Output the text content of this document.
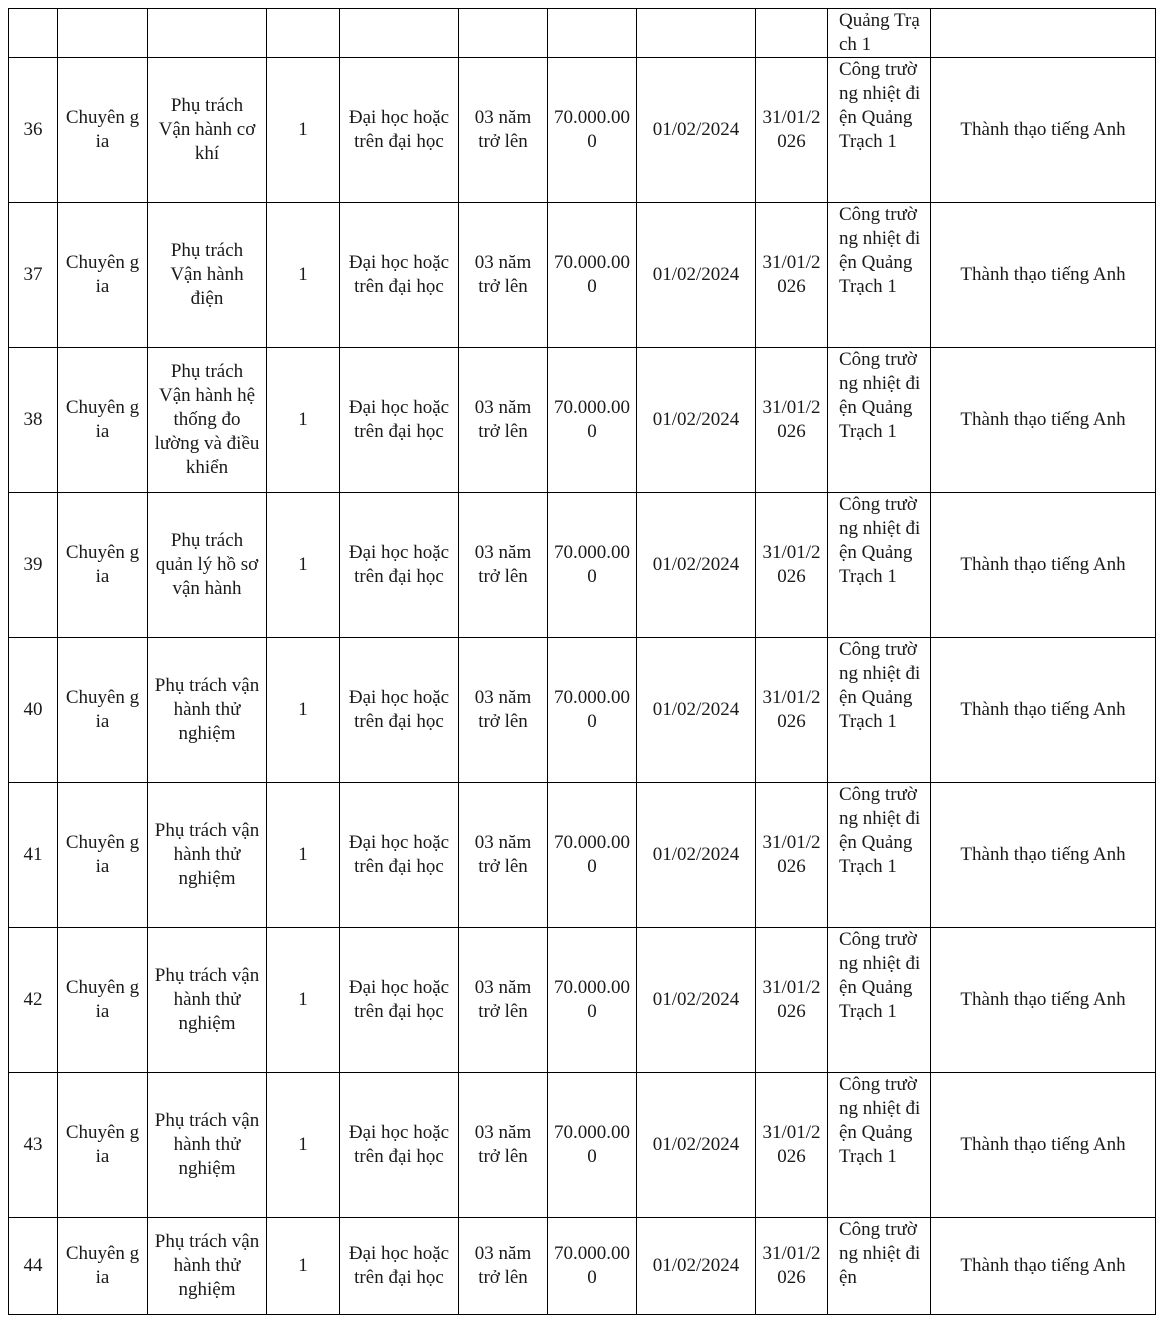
									Quảng Trạch 1	
36	Chuyên gia	Phụ trách Vận hành cơ khí	1	Đại học hoặc trên đại học	03 năm trở lên	70.000.000	01/02/2024	31/01/2026	Công trường nhiệt điện Quảng Trạch 1	Thành thạo tiếng Anh
37	Chuyên gia	Phụ trách Vận hành điện	1	Đại học hoặc trên đại học	03 năm trở lên	70.000.000	01/02/2024	31/01/2026	Công trường nhiệt điện Quảng Trạch 1	Thành thạo tiếng Anh
38	Chuyên gia	Phụ trách Vận hành hệ thống đo lường và điều khiển	1	Đại học hoặc trên đại học	03 năm trở lên	70.000.000	01/02/2024	31/01/2026	Công trường nhiệt điện Quảng Trạch 1	Thành thạo tiếng Anh
39	Chuyên gia	Phụ trách quản lý hồ sơ vận hành	1	Đại học hoặc trên đại học	03 năm trở lên	70.000.000	01/02/2024	31/01/2026	Công trường nhiệt điện Quảng Trạch 1	Thành thạo tiếng Anh
40	Chuyên gia	Phụ trách vận hành thử nghiệm	1	Đại học hoặc trên đại học	03 năm trở lên	70.000.000	01/02/2024	31/01/2026	Công trường nhiệt điện Quảng Trạch 1	Thành thạo tiếng Anh
41	Chuyên gia	Phụ trách vận hành thử nghiệm	1	Đại học hoặc trên đại học	03 năm trở lên	70.000.000	01/02/2024	31/01/2026	Công trường nhiệt điện Quảng Trạch 1	Thành thạo tiếng Anh
42	Chuyên gia	Phụ trách vận hành thử nghiệm	1	Đại học hoặc trên đại học	03 năm trở lên	70.000.000	01/02/2024	31/01/2026	Công trường nhiệt điện Quảng Trạch 1	Thành thạo tiếng Anh
43	Chuyên gia	Phụ trách vận hành thử nghiệm	1	Đại học hoặc trên đại học	03 năm trở lên	70.000.000	01/02/2024	31/01/2026	Công trường nhiệt điện Quảng Trạch 1	Thành thạo tiếng Anh
44	Chuyên gia	Phụ trách vận hành thử nghiệm	1	Đại học hoặc trên đại học	03 năm trở lên	70.000.000	01/02/2024	31/01/2026	Công trường nhiệt điện	Thành thạo tiếng Anh
